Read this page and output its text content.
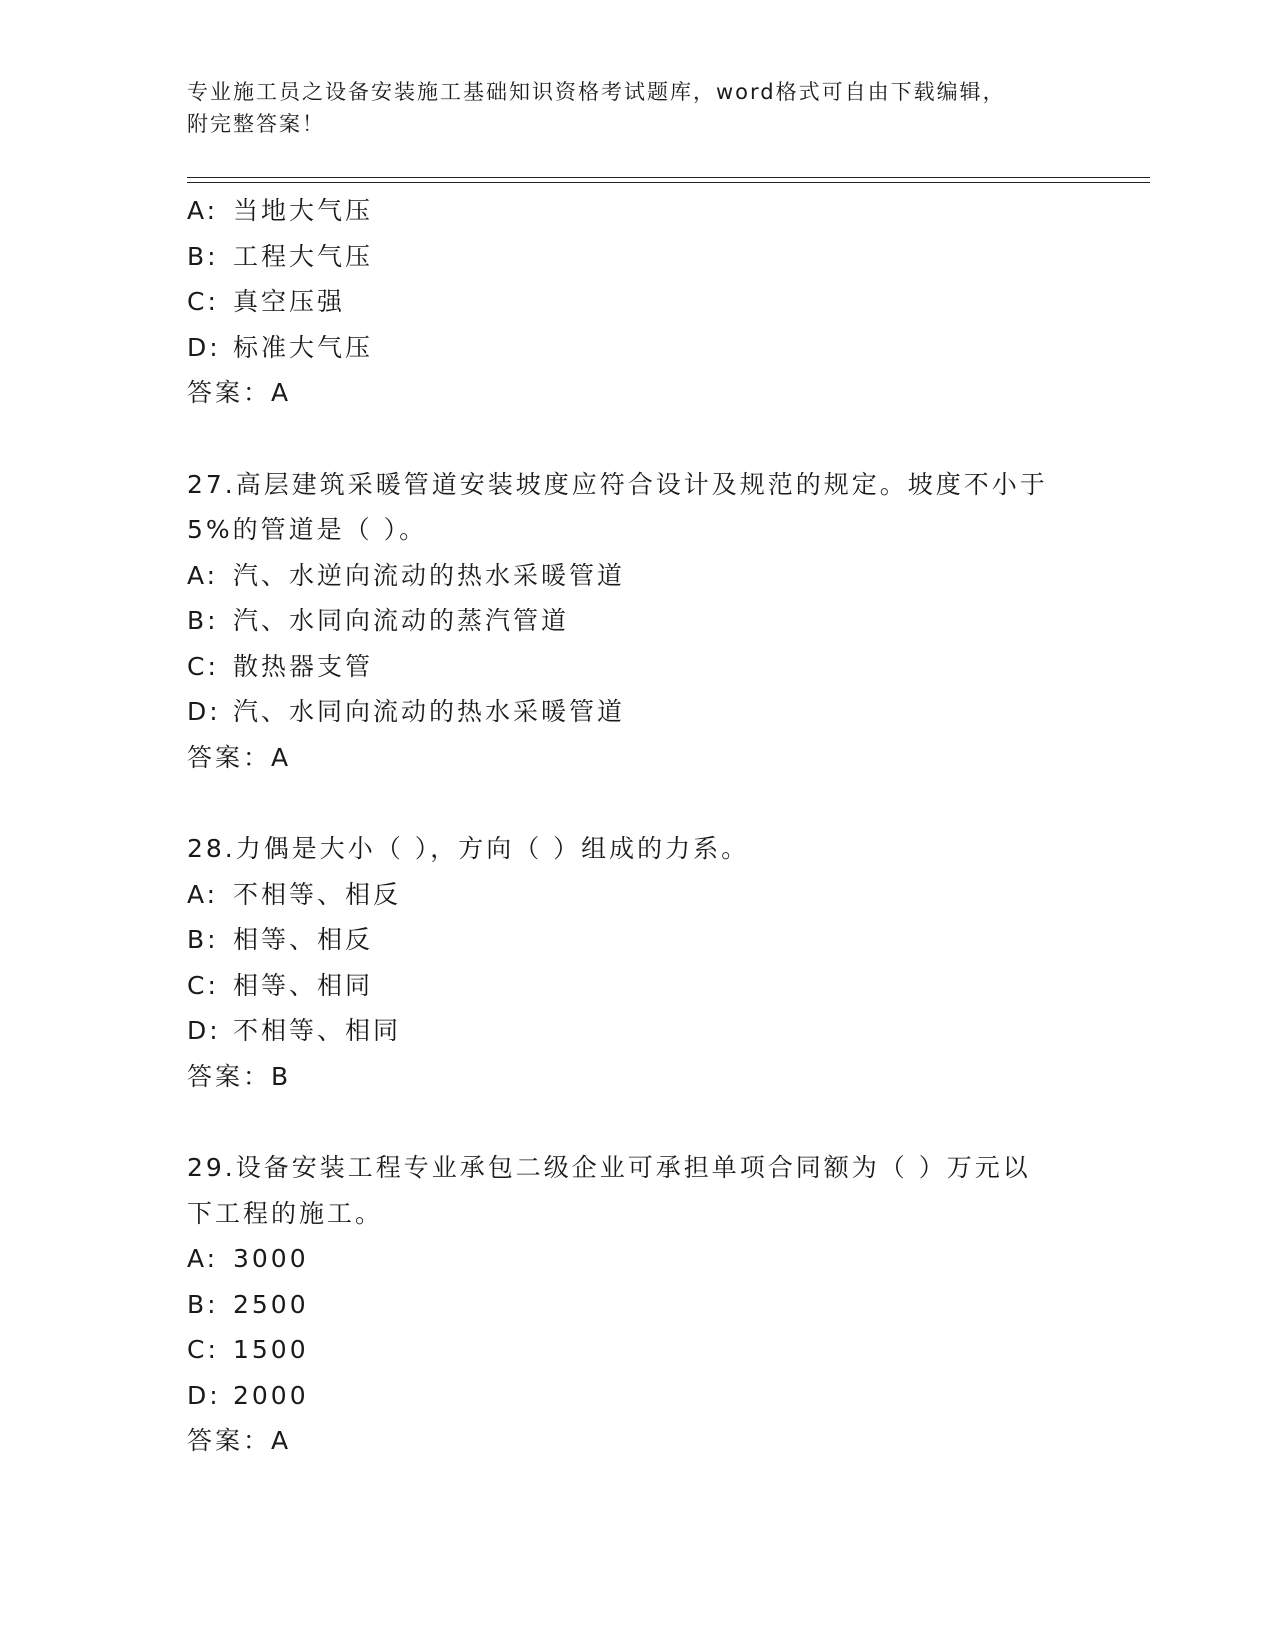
专业施工员之设备安装施工基础知识资格考试题库，word格式可自由下载编辑，
附完整答案！
A: 当地大气压
B: 工程大气压
C: 真空压强
D: 标准大气压
答案：A
27.高层建筑采暖管道安装坡度应符合设计及规范的规定。坡度不小于
5%的管道是（ ）。
A: 汽、水逆向流动的热水采暖管道
B: 汽、水同向流动的蒸汽管道
C: 散热器支管
D: 汽、水同向流动的热水采暖管道
答案：A
28.力偶是大小（ ），方向（ ）组成的力系。
A: 不相等、相反
B: 相等、相反
C: 相等、相同
D: 不相等、相同
答案：B
29.设备安装工程专业承包二级企业可承担单项合同额为（ ）万元以
下工程的施工。
A: 3000
B: 2500
C: 1500
D: 2000
答案：A
